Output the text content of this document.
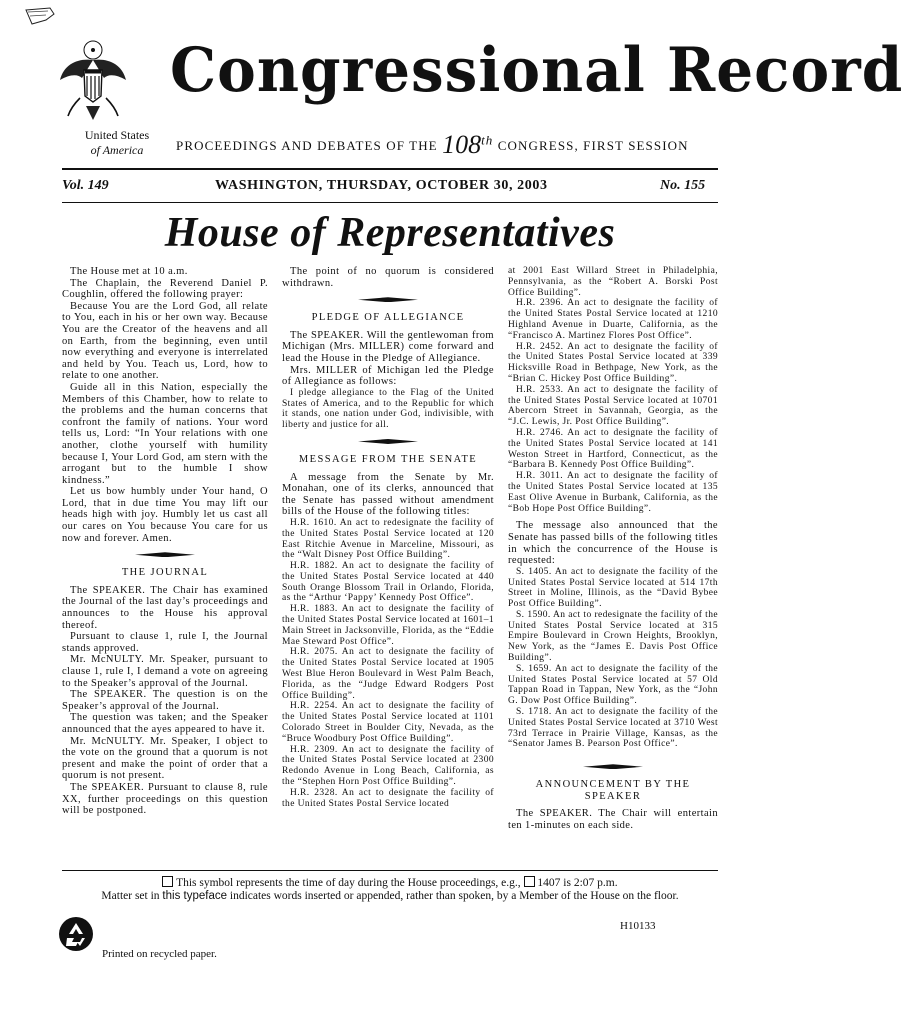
Congressional Record
United States
of America	PROCEEDINGS AND DEBATES OF THE 108th CONGRESS, FIRST SESSION
Vol. 149	WASHINGTON, THURSDAY, OCTOBER 30, 2003	No. 155
House of Representatives

The House met at 10 a.m.

The Chaplain, the Reverend Daniel P. Coughlin, offered the following prayer:

Because You are the Lord God, all relate to You, each in his or her own way. Because You are the Creator of the heavens and all on Earth, from the beginning, even until now everything and everyone is interrelated and held by You. Teach us, Lord, how to relate to one another.

Guide all in this Nation, especially the Members of this Chamber, how to relate to the problems and the human concerns that confront the family of nations. Your word tells us, Lord: “In Your relations with one another, clothe yourself with humility because I, Your Lord God, am stern with the arrogant but to the humble I show kindness.”

Let us bow humbly under Your hand, O Lord, that in due time You may lift our heads high with joy. Humbly let us cast all our cares on You because You care for us now and forever. Amen.

THE JOURNAL

The SPEAKER. The Chair has examined the Journal of the last day’s proceedings and announces to the House his approval thereof.

Pursuant to clause 1, rule I, the Journal stands approved.

Mr. McNULTY. Mr. Speaker, pursuant to clause 1, rule I, I demand a vote on agreeing to the Speaker’s approval of the Journal.

The SPEAKER. The question is on the Speaker’s approval of the Journal.

The question was taken; and the Speaker announced that the ayes appeared to have it.

Mr. McNULTY. Mr. Speaker, I object to the vote on the ground that a quorum is not present and make the point of order that a quorum is not present.

The SPEAKER. Pursuant to clause 8, rule XX, further proceedings on this question will be postponed.

The point of no quorum is considered withdrawn.

PLEDGE OF ALLEGIANCE

The SPEAKER. Will the gentlewoman from Michigan (Mrs. MILLER) come forward and lead the House in the Pledge of Allegiance.

Mrs. MILLER of Michigan led the Pledge of Allegiance as follows:

I pledge allegiance to the Flag of the United States of America, and to the Republic for which it stands, one nation under God, indivisible, with liberty and justice for all.

MESSAGE FROM THE SENATE

A message from the Senate by Mr. Monahan, one of its clerks, announced that the Senate has passed without amendment bills of the House of the following titles:

H.R. 1610. An act to redesignate the facility of the United States Postal Service located at 120 East Ritchie Avenue in Marceline, Missouri, as the “Walt Disney Post Office Building”.

H.R. 1882. An act to designate the facility of the United States Postal Service located at 440 South Orange Blossom Trail in Orlando, Florida, as the “Arthur ‘Pappy’ Kennedy Post Office”.

H.R. 1883. An act to designate the facility of the United States Postal Service located at 1601–1 Main Street in Jacksonville, Florida, as the “Eddie Mae Steward Post Office”.

H.R. 2075. An act to designate the facility of the United States Postal Service located at 1905 West Blue Heron Boulevard in West Palm Beach, Florida, as the “Judge Edward Rodgers Post Office Building”.

H.R. 2254. An act to designate the facility of the United States Postal Service located at 1101 Colorado Street in Boulder City, Nevada, as the “Bruce Woodbury Post Office Building”.

H.R. 2309. An act to designate the facility of the United States Postal Service located at 2300 Redondo Avenue in Long Beach, California, as the “Stephen Horn Post Office Building”.

H.R. 2328. An act to designate the facility of the United States Postal Service located

at 2001 East Willard Street in Philadelphia, Pennsylvania, as the “Robert A. Borski Post Office Building”.

H.R. 2396. An act to designate the facility of the United States Postal Service located at 1210 Highland Avenue in Duarte, California, as the “Francisco A. Martinez Flores Post Office”.

H.R. 2452. An act to designate the facility of the United States Postal Service located at 339 Hicksville Road in Bethpage, New York, as the “Brian C. Hickey Post Office Building”.

H.R. 2533. An act to designate the facility of the United States Postal Service located at 10701 Abercorn Street in Savannah, Georgia, as the “J.C. Lewis, Jr. Post Office Building”.

H.R. 2746. An act to designate the facility of the United States Postal Service located at 141 Weston Street in Hartford, Connecticut, as the “Barbara B. Kennedy Post Office Building”.

H.R. 3011. An act to designate the facility of the United States Postal Service located at 135 East Olive Avenue in Burbank, California, as the “Bob Hope Post Office Building”.

The message also announced that the Senate has passed bills of the following titles in which the concurrence of the House is requested:

S. 1405. An act to designate the facility of the United States Postal Service located at 514 17th Street in Moline, Illinois, as the “David Bybee Post Office Building”.

S. 1590. An act to redesignate the facility of the United States Postal Service located at 315 Empire Boulevard in Crown Heights, Brooklyn, New York, as the “James E. Davis Post Office Building”.

S. 1659. An act to designate the facility of the United States Postal Service located at 57 Old Tappan Road in Tappan, New York, as the “John G. Dow Post Office Building”.

S. 1718. An act to designate the facility of the United States Postal Service located at 3710 West 73rd Terrace in Prairie Village, Kansas, as the “Senator James B. Pearson Post Office”.

ANNOUNCEMENT BY THE SPEAKER

The SPEAKER. The Chair will entertain ten 1-minutes on each side.

This symbol represents the time of day during the House proceedings, e.g., 1407 is 2:07 p.m.
Matter set in this typeface indicates words inserted or appended, rather than spoken, by a Member of the House on the floor.
H10133
Printed on recycled paper.
